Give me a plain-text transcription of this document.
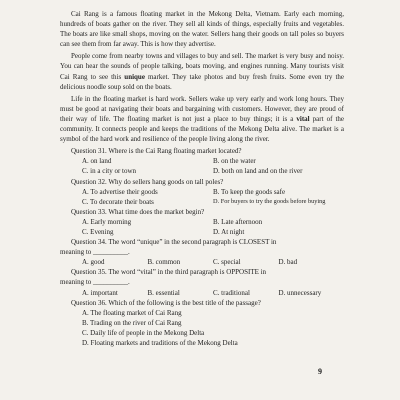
Cai Rang is a famous floating market in the Mekong Delta, Vietnam. Early each morning, hundreds of boats gather on the river. They sell all kinds of things, especially fruits and vegetables. The boats are like small shops, moving on the water. Sellers hang their goods on tall poles so buyers can see them from far away. This is how they advertise.

People come from nearby towns and villages to buy and sell. The market is very busy and noisy. You can hear the sounds of people talking, boats moving, and engines running. Many tourists visit Cai Rang to see this unique market. They take photos and buy fresh fruits. Some even try the delicious noodle soup sold on the boats.

Life in the floating market is hard work. Sellers wake up very early and work long hours. They must be good at navigating their boats and bargaining with customers. However, they are proud of their way of life. The floating market is not just a place to buy things; it is a vital part of the community. It connects people and keeps the traditions of the Mekong Delta alive. The market is a symbol of the hard work and resilience of the people living along the river.

Question 31. Where is the Cai Rang floating market located?

A. on land	B. on the water
C. in a city or town	D. both on land and on the river

Question 32. Why do sellers hang goods on tall poles?

A. To advertise their goods	B. To keep the goods safe
C. To decorate their boats	D. For buyers to try the goods before buying

Question 33. What time does the market begin?

A. Early morning	B. Late afternoon
C. Evening	D. At night

Question 34. The word “unique” in the second paragraph is CLOSEST in

meaning to __________.

A. good	B. common	C. special	D. bad

Question 35. The word “vital” in the third paragraph is OPPOSITE in

meaning to __________.

A. important	B. essential	C. traditional	D. unnecessary

Question 36. Which of the following is the best title of the passage?

A. The floating market of Cai Rang

B. Trading on the river of Cai Rang

C. Daily life of people in the Mekong Delta

D. Floating markets and traditions of the Mekong Delta

9
